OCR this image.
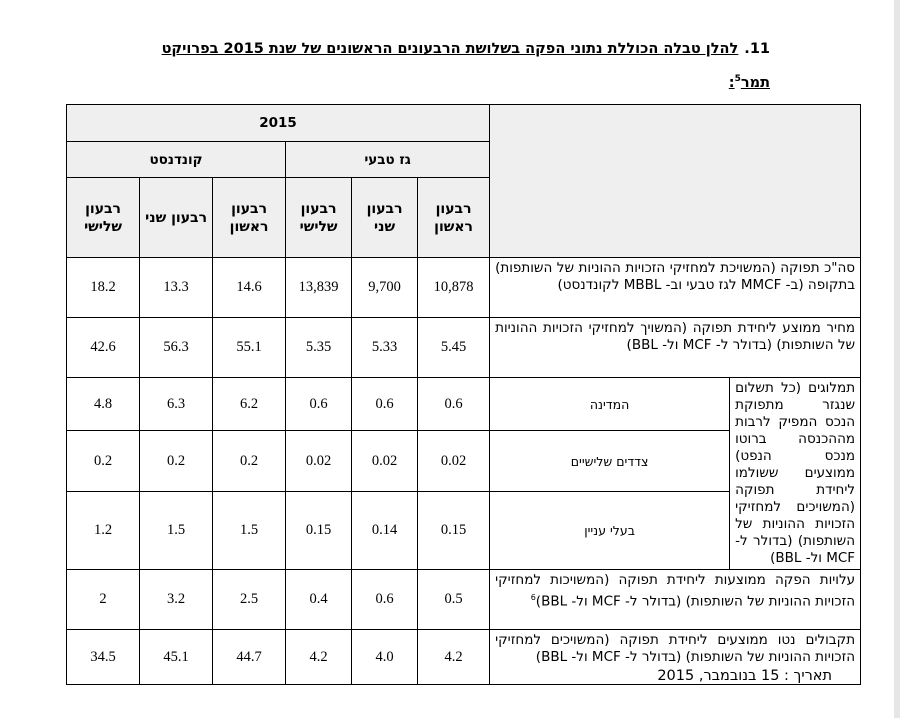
11.להלן טבלה הכוללת נתוני הפקה בשלושת הרבעונים הראשונים של שנת 2015 בפרויקט
תמר$^5$:
		2015					
		גז טבעי			קונדנסט		
		רבעון ראשון	רבעון שני	רבעון שלישי	רבעון ראשון	רבעון שני	רבעון שלישי
סה"כ תפוקה (המשויכת למחזיקי הזכויות ההוניות של השותפות) בתקופה (ב- MMCF לגז טבעי וב- MBBL לקונדנסט)		10,878	9,700	13,839	14.6	13.3	18.2
מחיר ממוצע ליחידת תפוקה (המשויך למחזיקי הזכויות ההוניות של השותפות) (בדולר ל- MCF ול- BBL)		5.45	5.33	5.35	55.1	56.3	42.6
תמלוגים (כל תשלום שנגזר מתפוקת הנכס המפיק לרבות מההכנסה ברוטו מנכס הנפט) ממוצעים ששולמו ליחידת תפוקה (המשויכים למחזיקי הזכויות ההוניות של השותפות) (בדולר ל- MCF ול- BBL)	המדינה	0.6	0.6	0.6	6.2	6.3	4.8
	צדדים שלישיים	0.02	0.02	0.02	0.2	0.2	0.2
	בעלי עניין	0.15	0.14	0.15	1.5	1.5	1.2
עלויות הפקה ממוצעות ליחידת תפוקה (המשויכות למחזיקי הזכויות ההוניות של השותפות) (בדולר ל- MCF ול- BBL)$^6$		0.5	0.6	0.4	2.5	3.2	2
תקבולים נטו ממוצעים ליחידת תפוקה (המשויכים למחזיקי הזכויות ההוניות של השותפות) (בדולר ל- MCF ול- BBL)		4.2	4.0	4.2	44.7	45.1	34.5
תאריך : 15 בנובמבר, 2015
